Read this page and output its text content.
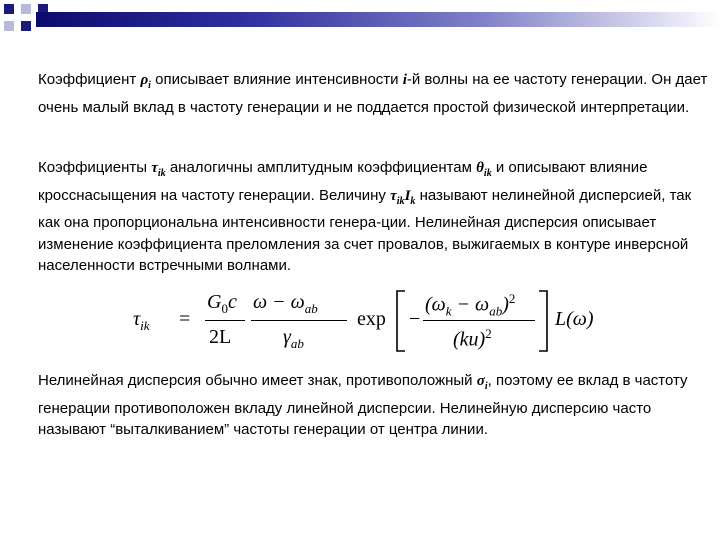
Коэффициент $\rho_i$ описывает влияние интенсивности i-й волны на ее частоту генерации. Он дает очень малый вклад в частоту генерации и не поддается простой физической интерпретации.
Коэффициенты $\tau_{ik}$ аналогичны амплитудным коэффициентам $\theta_{ik}$ и описывают влияние кросснасыщения на частоту генерации. Величину $\tau_{ik}I_k$ называют нелинейной дисперсией, так как она пропорциональна интенсивности генера-ции. Нелинейная дисперсия описывает изменение коэффициента преломления за счет провалов, выжигаемых в контуре инверсной населенности встречными волнами.
$\tau_{ik}$ =
$G_0c$
2L
$\omega - \omega_{ab}$
$\gamma_{ab}$
exp −
$(\omega_k - \omega_{ab})^2$
(ku)$^2$
L(ω)
Нелинейная дисперсия обычно имеет знак, противоположный $\sigma_i$, поэтому ее вклад в частоту генерации противоположен вкладу линейной дисперсии. Нелинейную дисперсию часто называют “выталкиванием” частоты генерации от центра линии.
